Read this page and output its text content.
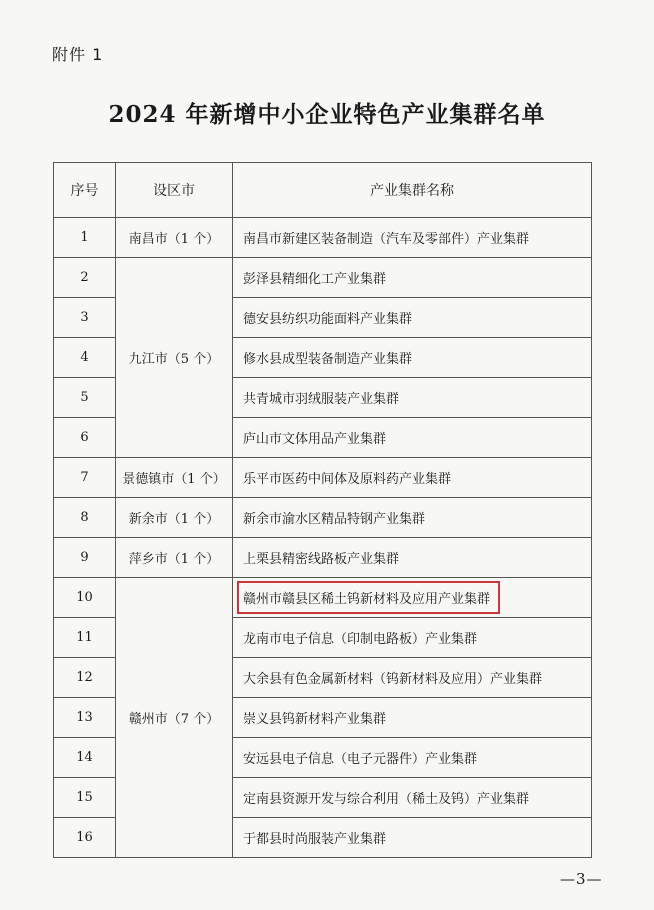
附件 1
2024 年新增中小企业特色产业集群名单
序号	设区市	产业集群名称
1	南昌市（1 个）	南昌市新建区装备制造（汽车及零部件）产业集群
2	九江市（5 个）	彭泽县精细化工产业集群
3		德安县纺织功能面料产业集群
4		修水县成型装备制造产业集群
5		共青城市羽绒服装产业集群
6		庐山市文体用品产业集群
7	景德镇市（1 个）	乐平市医药中间体及原料药产业集群
8	新余市（1 个）	新余市渝水区精品特钢产业集群
9	萍乡市（1 个）	上栗县精密线路板产业集群
10	赣州市（7 个）	赣州市赣县区稀土钨新材料及应用产业集群
11		龙南市电子信息（印制电路板）产业集群
12		大余县有色金属新材料（钨新材料及应用）产业集群
13		崇义县钨新材料产业集群
14		安远县电子信息（电子元器件）产业集群
15		定南县资源开发与综合利用（稀土及钨）产业集群
16		于都县时尚服装产业集群
—3—
